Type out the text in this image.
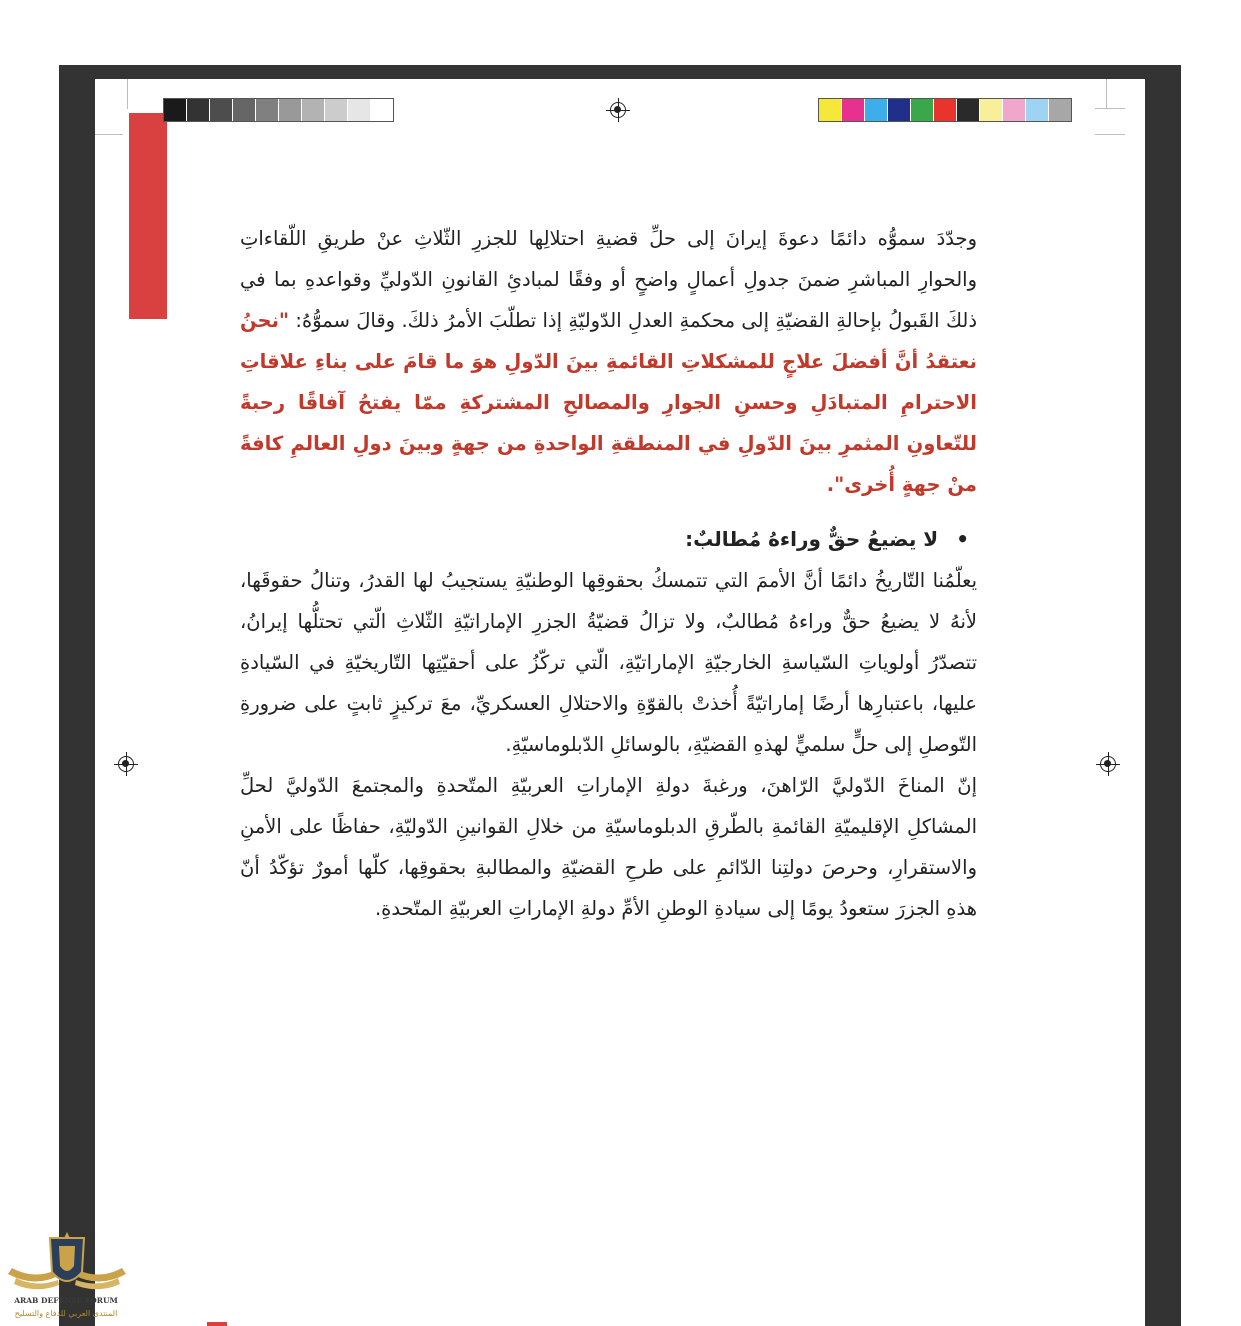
وجدّدَ سموُّه دائمًا دعوةَ إيرانَ إلى حلِّ قضيةِ احتلالِها للجزرِ الثّلاثِ عنْ طريقِ اللّقاءاتِ والحوارِ المباشرِ ضمنَ جدولِ أعمالٍ واضحٍ أو وفقًا لمبادئِ القانونِ الدّوليِّ وقواعدهِ بما في ذلكَ القَبولُ بإحالةِ القضيّةِ إلى محكمةِ العدلِ الدّوليّةِ إذا تطلّبَ الأمرُ ذلكَ. وقالَ سموُّهُ: "نحنُ نعتقدُ أنَّ أفضلَ علاجٍ للمشكلاتِ القائمةِ بينَ الدّولِ هوَ ما قامَ على بناءِ علاقاتِ الاحترامِ المتبادَلِ وحسنِ الجوارِ والمصالحِ المشتركةِ ممّا يفتحُ آفاقًا رحبةً للتّعاونِ المثمرِ بينَ الدّولِ في المنطقةِ الواحدةِ من جهةٍ وبينَ دولِ العالمِ كافةً منْ جهةٍ أُخرى".

•لا يضيعُ حقٌّ وراءهُ مُطالبٌ:

يعلّمُنا التّاريخُ دائمًا أنَّ الأممَ التي تتمسكُ بحقوقِها الوطنيّةِ يستجيبُ لها القدرُ، وتنالُ حقوقَها، لأنهُ لا يضيعُ حقٌّ وراءهُ مُطالبٌ، ولا تزالُ قضيّةُ الجزرِ الإماراتيّةِ الثّلاثِ الّتي تحتلُّها إيرانُ، تتصدّرُ أولوياتِ السّياسةِ الخارجيّةِ الإماراتيّةِ، الّتي تركّزُ على أحقيّتِها التّاريخيّةِ في السّيادةِ عليها، باعتبارِها أرضًا إماراتيّةً أُخذتْ بالقوّةِ والاحتلالِ العسكريِّ، معَ تركيزٍ ثابتٍ على ضرورةِ التّوصلِ إلى حلٍّ سلميٍّ لهذهِ القضيّةِ، بالوسائلِ الدّبلوماسيّةِ.

إنّ المناخَ الدّوليَّ الرّاهنَ، ورغبةَ دولةِ الإماراتِ العربيّةِ المتّحدةِ والمجتمعَ الدّوليَّ لحلِّ المشاكلِ الإقليميّةِ القائمةِ بالطّرقِ الدبلوماسيّةِ من خلالِ القوانينِ الدّوليّةِ، حفاظًا على الأمنِ والاستقرارِ، وحرصَ دولتِنا الدّائمِ على طرحِ القضيّةِ والمطالبةِ بحقوقِها، كلّها أمورٌ تؤكّدُ أنّ هذهِ الجزرَ ستعودُ يومًا إلى سيادةِ الوطنِ الأمِّ دولةِ الإماراتِ العربيّةِ المتّحدةِ.

ARAB DEFENSE FORUM
المنتدى العربي للدفاع والتسليح
